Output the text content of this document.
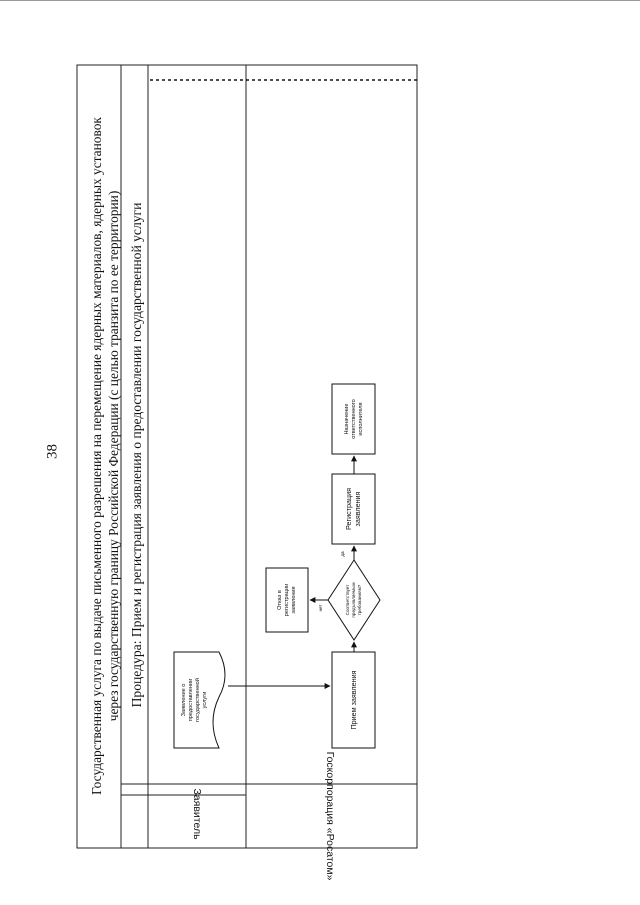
38 Государственная услуга по выдаче письменного разрешения на перемещение ядерных материалов, ядерных установок через государственную границу Российской Федерации (с целью транзита по ее территории) Процедура: Прием и регистрация заявления о предоставлении государственной услуги
Заявитель	Госкорпорация «Росатом»
Заявление о предоставлении государственной услуги	Прием заявления
Соответствует предъявляемым требованиям?
Отказ в регистрации заявления
Регистрация заявления
Назначение ответственного исполнителя
нет
да
